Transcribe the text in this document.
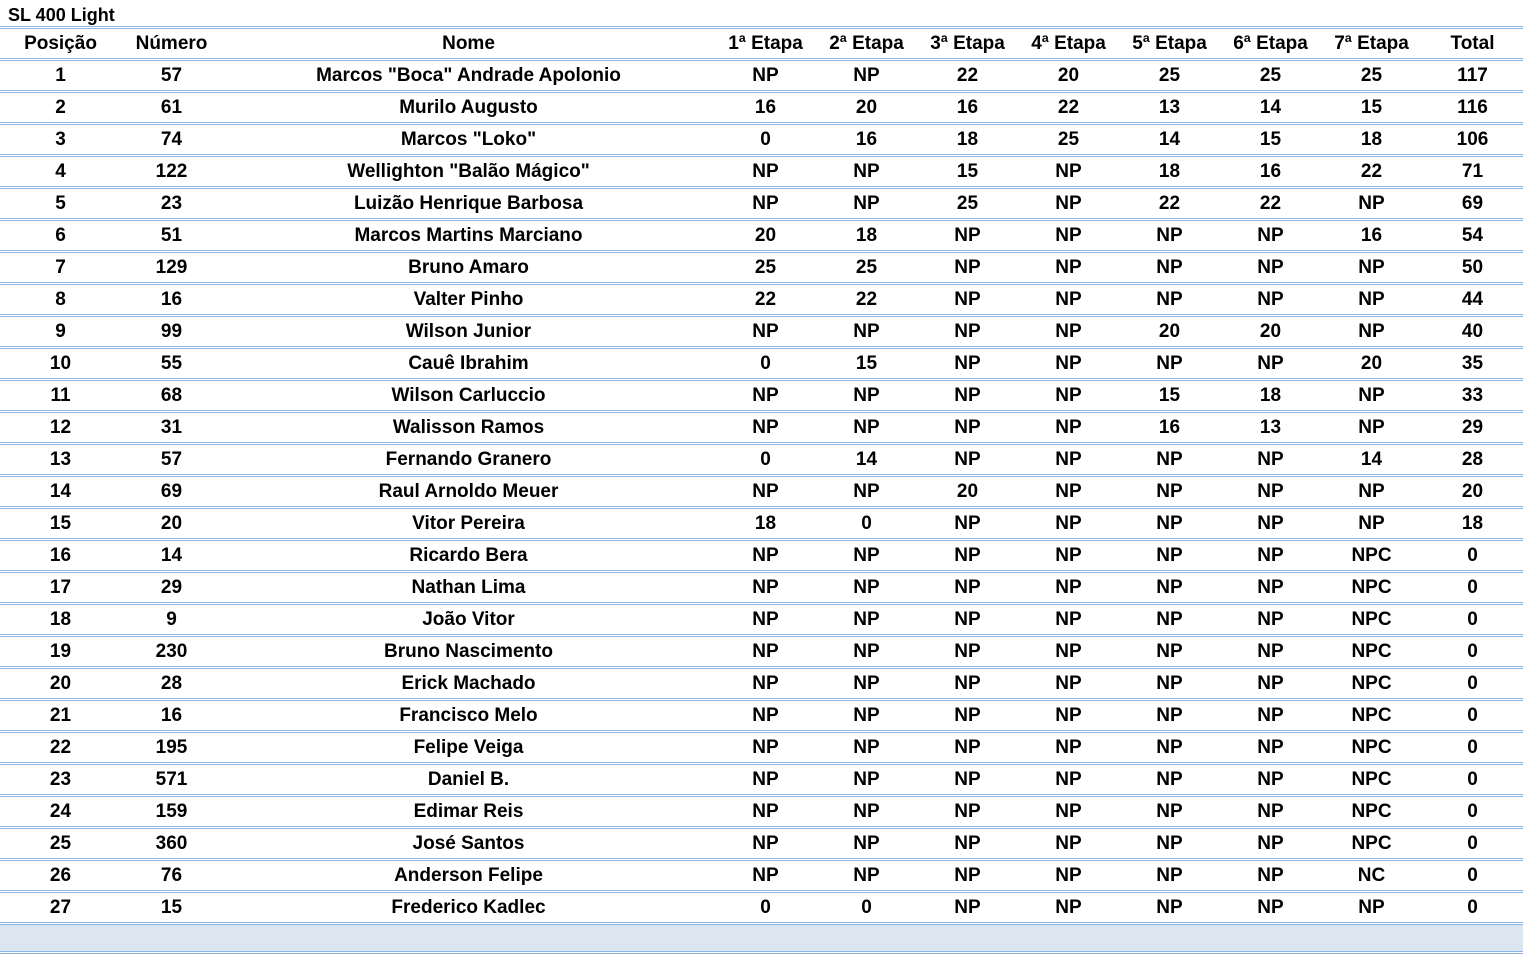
SL 400 Light
Posição	Número	Nome	1ª Etapa	2ª Etapa	3ª Etapa	4ª Etapa	5ª Etapa	6ª Etapa	7ª Etapa	Total
1	57	Marcos "Boca" Andrade Apolonio	NP	NP	22	20	25	25	25	117
2	61	Murilo Augusto	16	20	16	22	13	14	15	116
3	74	Marcos "Loko"	0	16	18	25	14	15	18	106
4	122	Wellighton "Balão Mágico"	NP	NP	15	NP	18	16	22	71
5	23	Luizão Henrique Barbosa	NP	NP	25	NP	22	22	NP	69
6	51	Marcos Martins Marciano	20	18	NP	NP	NP	NP	16	54
7	129	Bruno Amaro	25	25	NP	NP	NP	NP	NP	50
8	16	Valter Pinho	22	22	NP	NP	NP	NP	NP	44
9	99	Wilson Junior	NP	NP	NP	NP	20	20	NP	40
10	55	Cauê Ibrahim	0	15	NP	NP	NP	NP	20	35
11	68	Wilson Carluccio	NP	NP	NP	NP	15	18	NP	33
12	31	Walisson Ramos	NP	NP	NP	NP	16	13	NP	29
13	57	Fernando Granero	0	14	NP	NP	NP	NP	14	28
14	69	Raul Arnoldo Meuer	NP	NP	20	NP	NP	NP	NP	20
15	20	Vitor Pereira	18	0	NP	NP	NP	NP	NP	18
16	14	Ricardo Bera	NP	NP	NP	NP	NP	NP	NPC	0
17	29	Nathan Lima	NP	NP	NP	NP	NP	NP	NPC	0
18	9	João Vitor	NP	NP	NP	NP	NP	NP	NPC	0
19	230	Bruno Nascimento	NP	NP	NP	NP	NP	NP	NPC	0
20	28	Erick Machado	NP	NP	NP	NP	NP	NP	NPC	0
21	16	Francisco Melo	NP	NP	NP	NP	NP	NP	NPC	0
22	195	Felipe Veiga	NP	NP	NP	NP	NP	NP	NPC	0
23	571	Daniel B.	NP	NP	NP	NP	NP	NP	NPC	0
24	159	Edimar Reis	NP	NP	NP	NP	NP	NP	NPC	0
25	360	José Santos	NP	NP	NP	NP	NP	NP	NPC	0
26	76	Anderson Felipe	NP	NP	NP	NP	NP	NP	NC	0
27	15	Frederico Kadlec	0	0	NP	NP	NP	NP	NP	0
